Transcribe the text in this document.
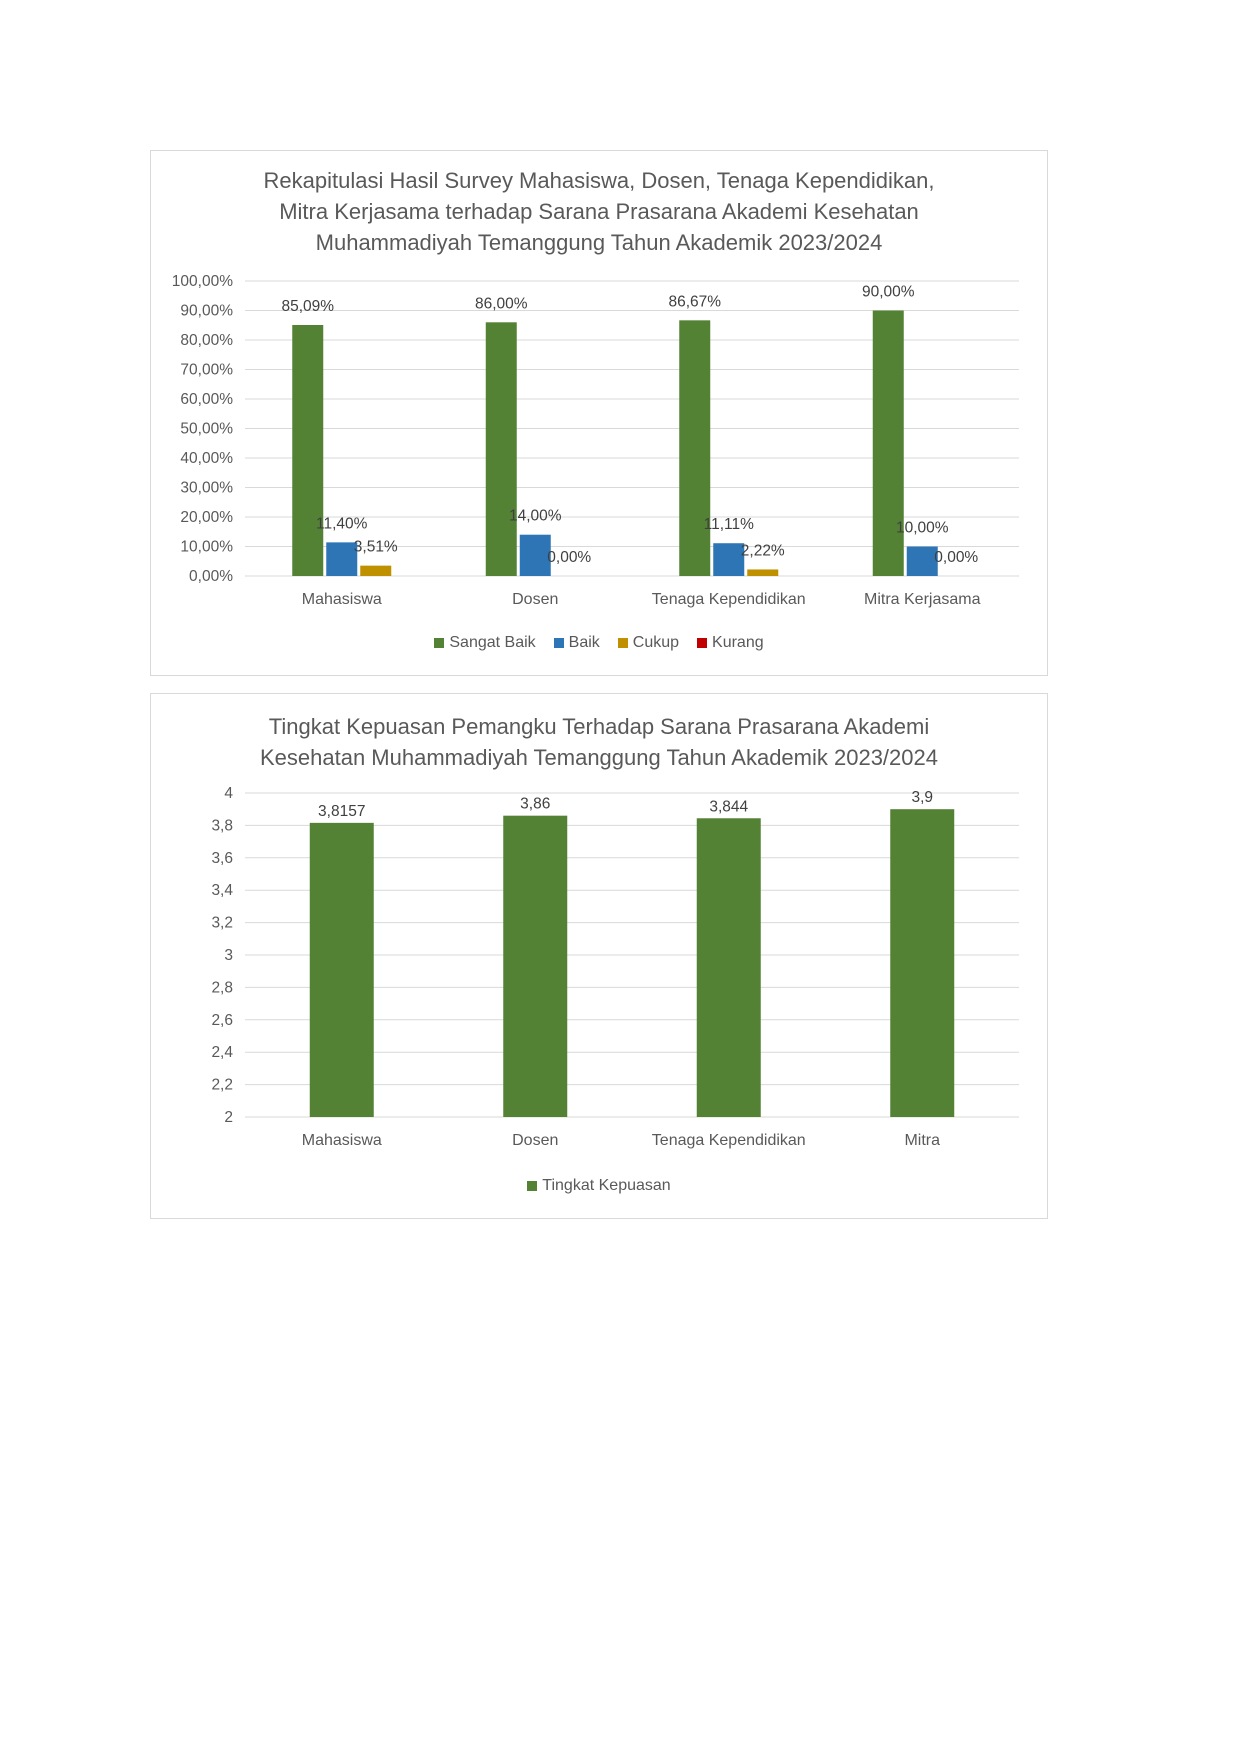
Rekapitulasi Hasil Survey Mahasiswa, Dosen, Tenaga Kependidikan,
Mitra Kerjasama terhadap Sarana Prasarana Akademi Kesehatan
Muhammadiyah Temanggung Tahun Akademik 2023/2024
0,00%
10,00%
20,00%
30,00%
40,00%
50,00%
60,00%
70,00%
80,00%
90,00%
100,00%
85,09%
11,40%
3,51%
Mahasiswa
86,00%
14,00%
0,00%
Dosen
86,67%
11,11%
2,22%
Tenaga Kependidikan
90,00%
10,00%
0,00%
Mitra Kerjasama
Sangat Baik Baik Cukup Kurang
Tingkat Kepuasan Pemangku Terhadap Sarana Prasarana Akademi
Kesehatan Muhammadiyah Temanggung Tahun Akademik 2023/2024
2
2,2
2,4
2,6
2,8
3
3,2
3,4
3,6
3,8
4
3,8157
Mahasiswa
3,86
Dosen
3,844
Tenaga Kependidikan
3,9
Mitra
Tingkat Kepuasan
